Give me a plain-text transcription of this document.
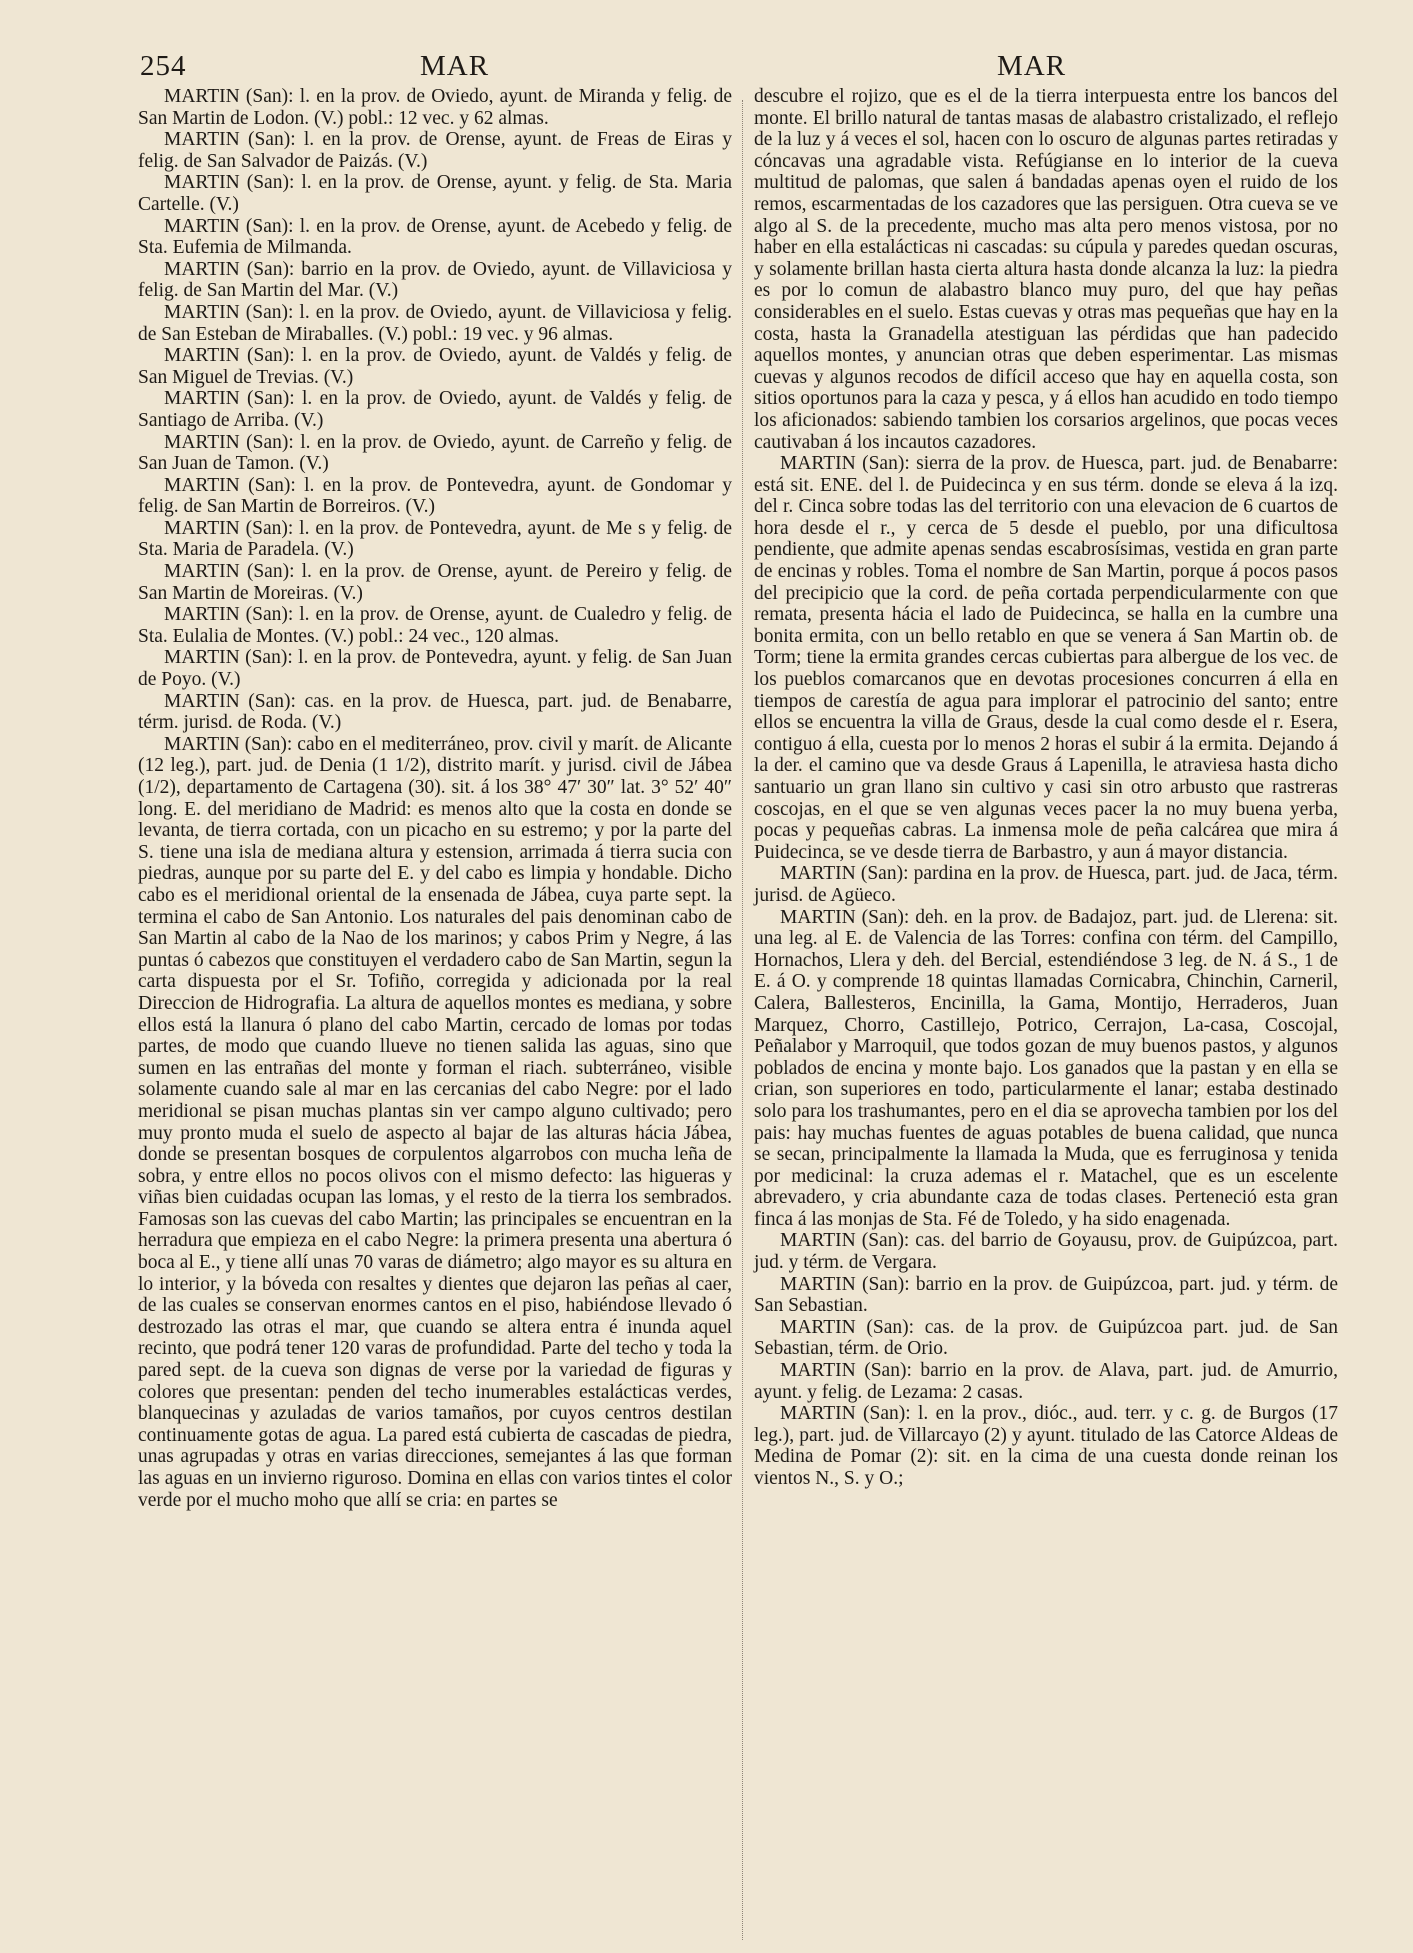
254	MAR	MAR

MARTIN (San): l. en la prov. de Oviedo, ayunt. de Miranda y felig. de San Martin de Lodon. (V.) pobl.: 12 vec. y 62 almas.

MARTIN (San): l. en la prov. de Orense, ayunt. de Freas de Eiras y felig. de San Salvador de Paizás. (V.)

MARTIN (San): l. en la prov. de Orense, ayunt. y felig. de Sta. Maria Cartelle. (V.)

MARTIN (San): l. en la prov. de Orense, ayunt. de Acebedo y felig. de Sta. Eufemia de Milmanda.

MARTIN (San): barrio en la prov. de Oviedo, ayunt. de Villaviciosa y felig. de San Martin del Mar. (V.)

MARTIN (San): l. en la prov. de Oviedo, ayunt. de Villaviciosa y felig. de San Esteban de Miraballes. (V.) pobl.: 19 vec. y 96 almas.

MARTIN (San): l. en la prov. de Oviedo, ayunt. de Valdés y felig. de San Miguel de Trevias. (V.)

MARTIN (San): l. en la prov. de Oviedo, ayunt. de Valdés y felig. de Santiago de Arriba. (V.)

MARTIN (San): l. en la prov. de Oviedo, ayunt. de Carreño y felig. de San Juan de Tamon. (V.)

MARTIN (San): l. en la prov. de Pontevedra, ayunt. de Gondomar y felig. de San Martin de Borreiros. (V.)

MARTIN (San): l. en la prov. de Pontevedra, ayunt. de Me s y felig. de Sta. Maria de Paradela. (V.)

MARTIN (San): l. en la prov. de Orense, ayunt. de Pereiro y felig. de San Martin de Moreiras. (V.)

MARTIN (San): l. en la prov. de Orense, ayunt. de Cualedro y felig. de Sta. Eulalia de Montes. (V.) pobl.: 24 vec., 120 almas.

MARTIN (San): l. en la prov. de Pontevedra, ayunt. y felig. de San Juan de Poyo. (V.)

MARTIN (San): cas. en la prov. de Huesca, part. jud. de Benabarre, térm. jurisd. de Roda. (V.)

MARTIN (San): cabo en el mediterráneo, prov. civil y marít. de Alicante (12 leg.), part. jud. de Denia (1 1/2), distrito marít. y jurisd. civil de Jábea (1/2), departamento de Cartagena (30). sit. á los 38° 47′ 30″ lat. 3° 52′ 40″ long. E. del meridiano de Madrid: es menos alto que la costa en donde se levanta, de tierra cortada, con un picacho en su estremo; y por la parte del S. tiene una isla de mediana altura y estension, arrimada á tierra sucia con piedras, aunque por su parte del E. y del cabo es limpia y hondable. Dicho cabo es el meridional oriental de la ensenada de Jábea, cuya parte sept. la termina el cabo de San Antonio. Los naturales del pais denominan cabo de San Martin al cabo de la Nao de los marinos; y cabos Prim y Negre, á las puntas ó cabezos que constituyen el verdadero cabo de San Martin, segun la carta dispuesta por el Sr. Tofiño, corregida y adicionada por la real Direccion de Hidrografia. La altura de aquellos montes es mediana, y sobre ellos está la llanura ó plano del cabo Martin, cercado de lomas por todas partes, de modo que cuando llueve no tienen salida las aguas, sino que sumen en las entrañas del monte y forman el riach. subterráneo, visible solamente cuando sale al mar en las cercanias del cabo Negre: por el lado meridional se pisan muchas plantas sin ver campo alguno cultivado; pero muy pronto muda el suelo de aspecto al bajar de las alturas hácia Jábea, donde se presentan bosques de corpulentos algarrobos con mucha leña de sobra, y entre ellos no pocos olivos con el mismo defecto: las higueras y viñas bien cuidadas ocupan las lomas, y el resto de la tierra los sembrados. Famosas son las cuevas del cabo Martin; las principales se encuentran en la herradura que empieza en el cabo Negre: la primera presenta una abertura ó boca al E., y tiene allí unas 70 varas de diámetro; algo mayor es su altura en lo interior, y la bóveda con resaltes y dientes que dejaron las peñas al caer, de las cuales se conservan enormes cantos en el piso, habiéndose llevado ó destrozado las otras el mar, que cuando se altera entra é inunda aquel recinto, que podrá tener 120 varas de profundidad. Parte del techo y toda la pared sept. de la cueva son dignas de verse por la variedad de figuras y colores que presentan: penden del techo inumerables estalácticas verdes, blanquecinas y azuladas de varios tamaños, por cuyos centros destilan continuamente gotas de agua. La pared está cubierta de cascadas de piedra, unas agrupadas y otras en varias direcciones, semejantes á las que forman las aguas en un invierno riguroso. Domina en ellas con varios tintes el color verde por el mucho moho que allí se cria: en partes se

descubre el rojizo, que es el de la tierra interpuesta entre los bancos del monte. El brillo natural de tantas masas de alabastro cristalizado, el reflejo de la luz y á veces el sol, hacen con lo oscuro de algunas partes retiradas y cóncavas una agradable vista. Refúgianse en lo interior de la cueva multitud de palomas, que salen á bandadas apenas oyen el ruido de los remos, escarmentadas de los cazadores que las persiguen. Otra cueva se ve algo al S. de la precedente, mucho mas alta pero menos vistosa, por no haber en ella estalácticas ni cascadas: su cúpula y paredes quedan oscuras, y solamente brillan hasta cierta altura hasta donde alcanza la luz: la piedra es por lo comun de alabastro blanco muy puro, del que hay peñas considerables en el suelo. Estas cuevas y otras mas pequeñas que hay en la costa, hasta la Granadella atestiguan las pérdidas que han padecido aquellos montes, y anuncian otras que deben esperimentar. Las mismas cuevas y algunos recodos de difícil acceso que hay en aquella costa, son sitios oportunos para la caza y pesca, y á ellos han acudido en todo tiempo los aficionados: sabiendo tambien los corsarios argelinos, que pocas veces cautivaban á los incautos cazadores.

MARTIN (San): sierra de la prov. de Huesca, part. jud. de Benabarre: está sit. ENE. del l. de Puidecinca y en sus térm. donde se eleva á la izq. del r. Cinca sobre todas las del territorio con una elevacion de 6 cuartos de hora desde el r., y cerca de 5 desde el pueblo, por una dificultosa pendiente, que admite apenas sendas escabrosísimas, vestida en gran parte de encinas y robles. Toma el nombre de San Martin, porque á pocos pasos del precipicio que la cord. de peña cortada perpendicularmente con que remata, presenta hácia el lado de Puidecinca, se halla en la cumbre una bonita ermita, con un bello retablo en que se venera á San Martin ob. de Torm; tiene la ermita grandes cercas cubiertas para albergue de los vec. de los pueblos comarcanos que en devotas procesiones concurren á ella en tiempos de carestía de agua para implorar el patrocinio del santo; entre ellos se encuentra la villa de Graus, desde la cual como desde el r. Esera, contiguo á ella, cuesta por lo menos 2 horas el subir á la ermita. Dejando á la der. el camino que va desde Graus á Lapenilla, le atraviesa hasta dicho santuario un gran llano sin cultivo y casi sin otro arbusto que rastreras coscojas, en el que se ven algunas veces pacer la no muy buena yerba, pocas y pequeñas cabras. La inmensa mole de peña calcárea que mira á Puidecinca, se ve desde tierra de Barbastro, y aun á mayor distancia.

MARTIN (San): pardina en la prov. de Huesca, part. jud. de Jaca, térm. jurisd. de Agüeco.

MARTIN (San): deh. en la prov. de Badajoz, part. jud. de Llerena: sit. una leg. al E. de Valencia de las Torres: confina con térm. del Campillo, Hornachos, Llera y deh. del Bercial, estendiéndose 3 leg. de N. á S., 1 de E. á O. y comprende 18 quintas llamadas Cornicabra, Chinchin, Carneril, Calera, Ballesteros, Encinilla, la Gama, Montijo, Herraderos, Juan Marquez, Chorro, Castillejo, Potrico, Cerrajon, La-casa, Coscojal, Peñalabor y Marroquil, que todos gozan de muy buenos pastos, y algunos poblados de encina y monte bajo. Los ganados que la pastan y en ella se crian, son superiores en todo, particularmente el lanar; estaba destinado solo para los trashumantes, pero en el dia se aprovecha tambien por los del pais: hay muchas fuentes de aguas potables de buena calidad, que nunca se secan, principalmente la llamada la Muda, que es ferruginosa y tenida por medicinal: la cruza ademas el r. Matachel, que es un escelente abrevadero, y cria abundante caza de todas clases. Perteneció esta gran finca á las monjas de Sta. Fé de Toledo, y ha sido enagenada.

MARTIN (San): cas. del barrio de Goyausu, prov. de Guipúzcoa, part. jud. y térm. de Vergara.

MARTIN (San): barrio en la prov. de Guipúzcoa, part. jud. y térm. de San Sebastian.

MARTIN (San): cas. de la prov. de Guipúzcoa part. jud. de San Sebastian, térm. de Orio.

MARTIN (San): barrio en la prov. de Alava, part. jud. de Amurrio, ayunt. y felig. de Lezama: 2 casas.

MARTIN (San): l. en la prov., dióc., aud. terr. y c. g. de Burgos (17 leg.), part. jud. de Villarcayo (2) y ayunt. titulado de las Catorce Aldeas de Medina de Pomar (2): sit. en la cima de una cuesta donde reinan los vientos N., S. y O.;
